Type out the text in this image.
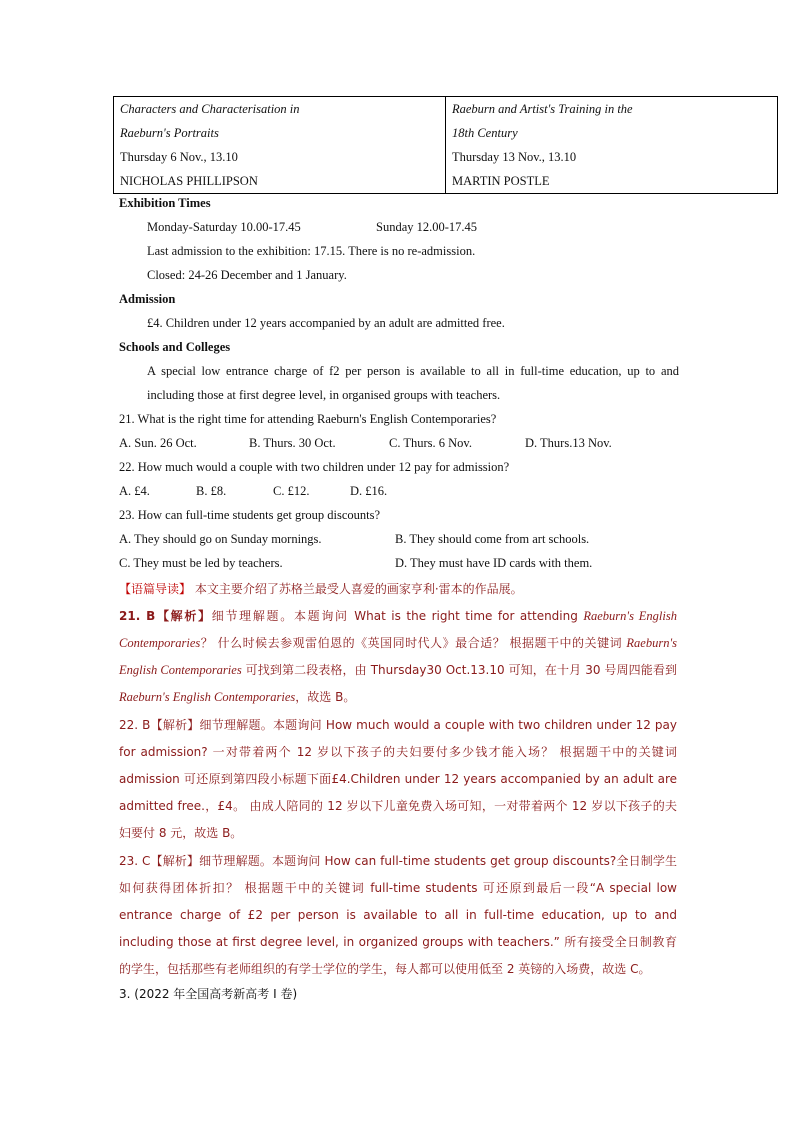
Characters and Characterisation in
Raeburn's Portraits
Thursday 6 Nov., 13.10
NICHOLAS PHILLIPSON

Raeburn and Artist's Training in the
18th Century
Thursday 13 Nov., 13.10
MARTIN POSTLE
Exhibition Times
Monday-Saturday 10.00-17.45	Sunday 12.00-17.45
Last admission to the exhibition: 17.15. There is no re-admission.
Closed: 24-26 December and 1 January.
Admission
£4. Children under 12 years accompanied by an adult are admitted free.
Schools and Colleges
A special low entrance charge of f2 per person is available to all in full-time education, up to and including those at first degree level, in organised groups with teachers.
21. What is the right time for attending Raeburn's English Contemporaries?
A. Sun. 26 Oct.	B. Thurs. 30 Oct.	C. Thurs. 6 Nov.	D. Thurs.13 Nov.
22. How much would a couple with two children under 12 pay for admission?
A. £4.	B. £8.	C. £12.	D. £16.
23. How can full-time students get group discounts?
A. They should go on Sunday mornings.	B. They should come from art schools.
C. They must be led by teachers.	D. They must have ID cards with them.
【语篇导读】 本文主要介绍了苏格兰最受人喜爱的画家亨利·雷本的作品展。
21. B【解析】细节理解题。本题询问 What is the right time for attending Raeburn's English Contemporaries？ 什么时候去参观雷伯恩的《英国同时代人》最合适？ 根据题干中的关键词 Raeburn's English Contemporaries 可找到第二段表格，由 Thursday30 Oct.13.10 可知，在十月 30 号周四能看到 Raeburn's English Contemporaries，故选 B。
22. B【解析】细节理解题。本题询问 How much would a couple with two children under 12 pay for admission? 一对带着两个 12 岁以下孩子的夫妇要付多少钱才能入场？ 根据题干中的关键词 admission 可还原到第四段小标题下面£4.Children under 12 years accompanied by an adult are admitted free.，£4。 由成人陪同的 12 岁以下儿童免费入场可知，一对带着两个 12 岁以下孩子的夫妇要付 8 元，故选 B。
23. C【解析】细节理解题。本题询问 How can full-time students get group discounts?全日制学生如何获得团体折扣？ 根据题干中的关键词 full-time students 可还原到最后一段“A special low entrance charge of £2 per person is available to all in full-time education, up to and including those at first degree level, in organized groups with teachers.” 所有接受全日制教育的学生，包括那些有老师组织的有学士学位的学生，每人都可以使用低至 2 英镑的入场费，故选 C。
3. (2022 年全国高考新高考 I 卷)
